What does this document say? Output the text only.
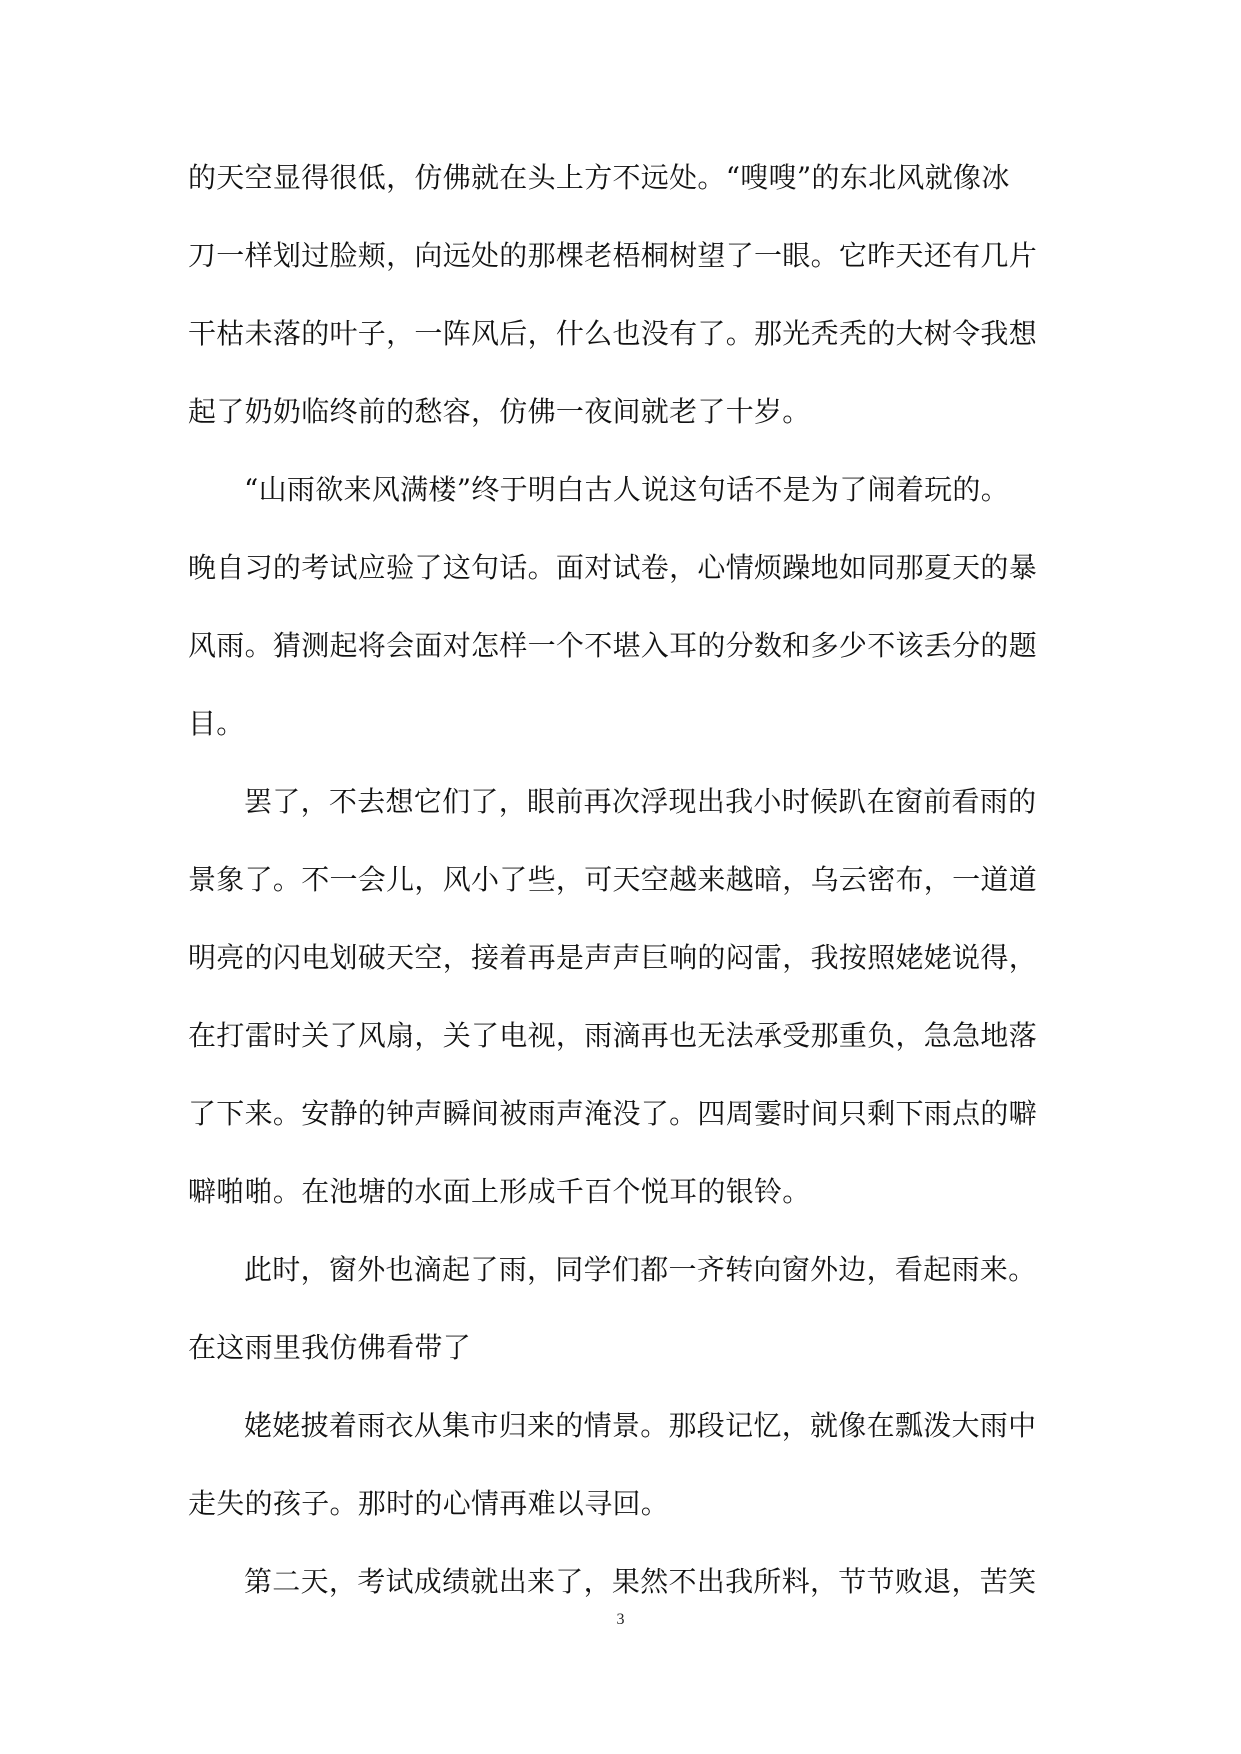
的天空显得很低，仿佛就在头上方不远处。“嗖嗖”的东北风就像冰
刀一样划过脸颊，向远处的那棵老梧桐树望了一眼。它昨天还有几片
干枯未落的叶子，一阵风后，什么也没有了。那光秃秃的大树令我想
起了奶奶临终前的愁容，仿佛一夜间就老了十岁。
“山雨欲来风满楼”终于明白古人说这句话不是为了闹着玩的。
晚自习的考试应验了这句话。面对试卷，心情烦躁地如同那夏天的暴
风雨。猜测起将会面对怎样一个不堪入耳的分数和多少不该丢分的题
目。
罢了，不去想它们了，眼前再次浮现出我小时候趴在窗前看雨的
景象了。不一会儿，风小了些，可天空越来越暗，乌云密布，一道道
明亮的闪电划破天空，接着再是声声巨响的闷雷，我按照姥姥说得，
在打雷时关了风扇，关了电视，雨滴再也无法承受那重负，急急地落
了下来。安静的钟声瞬间被雨声淹没了。四周霎时间只剩下雨点的噼
噼啪啪。在池塘的水面上形成千百个悦耳的银铃。
此时，窗外也滴起了雨，同学们都一齐转向窗外边，看起雨来。
在这雨里我仿佛看带了
姥姥披着雨衣从集市归来的情景。那段记忆，就像在瓢泼大雨中
走失的孩子。那时的心情再难以寻回。
第二天，考试成绩就出来了，果然不出我所料，节节败退，苦笑
3
